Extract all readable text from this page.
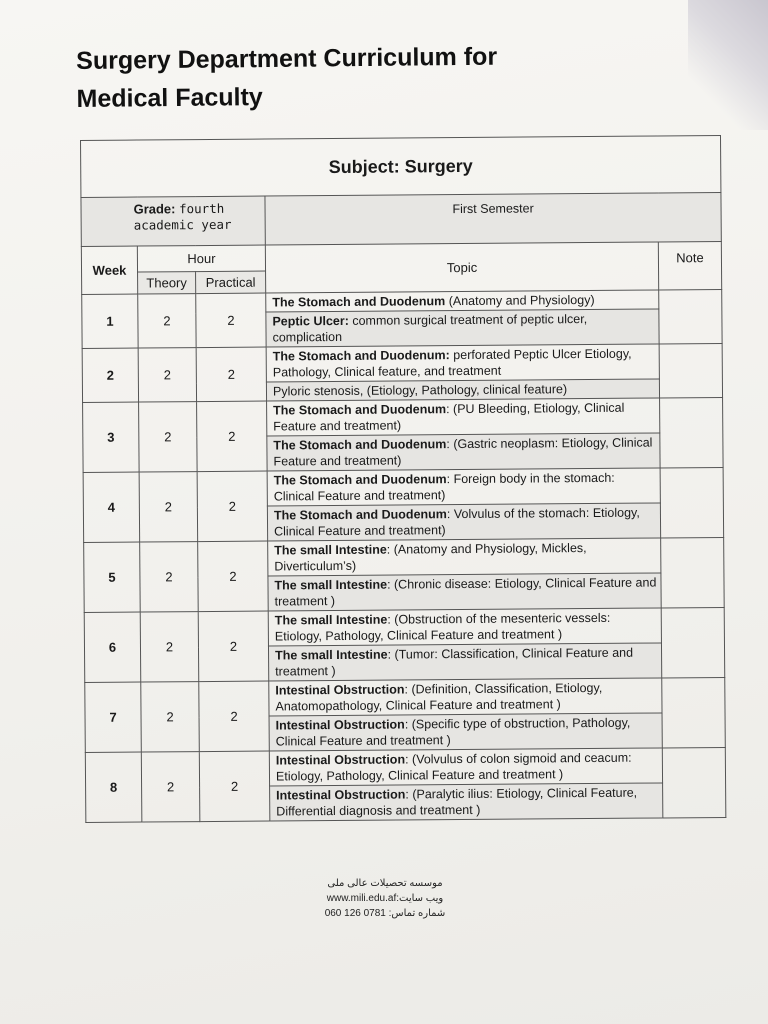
Surgery Department Curriculum for
Medical Faculty
Subject: Surgery				
Grade: fourth
academic year			First Semester	
Week	Hour		Topic	Note
	Theory	Practical		
1	2	2	The Stomach and Duodenum (Anatomy and Physiology)	
			Peptic Ulcer: common surgical treatment of peptic ulcer, complication	
2	2	2	The Stomach and Duodenum: perforated Peptic Ulcer Etiology, Pathology, Clinical feature, and treatment	
			Pyloric stenosis, (Etiology, Pathology, clinical feature)	
3	2	2	The Stomach and Duodenum: (PU Bleeding, Etiology, Clinical Feature and treatment)	
			The Stomach and Duodenum: (Gastric neoplasm: Etiology, Clinical Feature and treatment)	
4	2	2	The Stomach and Duodenum: Foreign body in the stomach: Clinical Feature and treatment)	
			The Stomach and Duodenum: Volvulus of the stomach: Etiology, Clinical Feature and treatment)	
5	2	2	The small Intestine: (Anatomy and Physiology, Mickles, Diverticulum’s)	
			The small Intestine: (Chronic disease: Etiology, Clinical Feature and treatment )	
6	2	2	The small Intestine: (Obstruction of the mesenteric vessels: Etiology, Pathology, Clinical Feature and treatment )	
			The small Intestine: (Tumor: Classification, Clinical Feature and treatment )	
7	2	2	Intestinal Obstruction: (Definition, Classification, Etiology, Anatomopathology, Clinical Feature and treatment )	
			Intestinal Obstruction: (Specific type of obstruction, Pathology, Clinical Feature and treatment )	
8	2	2	Intestinal Obstruction: (Volvulus of colon sigmoid and ceacum: Etiology, Pathology, Clinical Feature and treatment )	
			Intestinal Obstruction: (Paralytic ilius: Etiology, Clinical Feature, Differential diagnosis and treatment )	
موسسه تحصیلات عالی ملی
www.mili.edu.af:ویب سایت
شماره تماس: 0781 126 060
